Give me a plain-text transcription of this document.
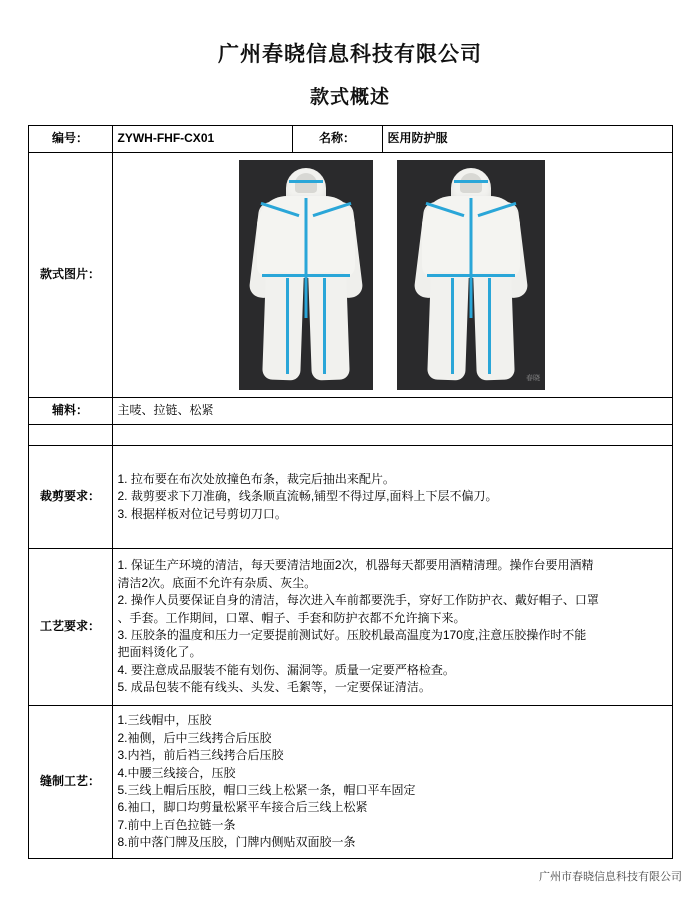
广州春晓信息科技有限公司
款式概述
编号：	ZYWH-FHF-CX01	名称：	医用防护服
款式图片：	春晓		

辅料：	主唛、拉链、松紧		

裁剪要求：	1. 拉布要在布次处放撞色布条，裁完后抽出来配片。
2. 裁剪要求下刀准确，线条顺直流畅,铺型不得过厚,面料上下层不偏刀。
3. 根据样板对位记号剪切刀口。		

工艺要求：	
1. 保证生产环境的清洁，每天要清洁地面2次，机器每天都要用酒精清理。操作台要用酒精
清洁2次。底面不允许有杂质、灰尘。
2. 操作人员要保证自身的清洁，每次进入车前都要洗手，穿好工作防护衣、戴好帽子、口罩
、手套。工作期间，口罩、帽子、手套和防护衣都不允许摘下来。
3. 压胶条的温度和压力一定要提前测试好。压胶机最高温度为170度,注意压胶操作时不能
把面料烫化了。
4. 要注意成品服装不能有划伤、漏洞等。质量一定要严格检查。
5. 成品包装不能有线头、头发、毛絮等，一定要保证清洁。

缝制工艺：	
1.三线帽中，压胶
2.袖侧，后中三线拷合后压胶
3.内裆，前后裆三线拷合后压胶
4.中腰三线接合，压胶
5.三线上帽后压胶，帽口三线上松紧一条，帽口平车固定
6.袖口，脚口均剪量松紧平车接合后三线上松紧
7.前中上百色拉链一条
8.前中落门牌及压胶，门牌内侧贴双面胶一条
广州市春晓信息科技有限公司
